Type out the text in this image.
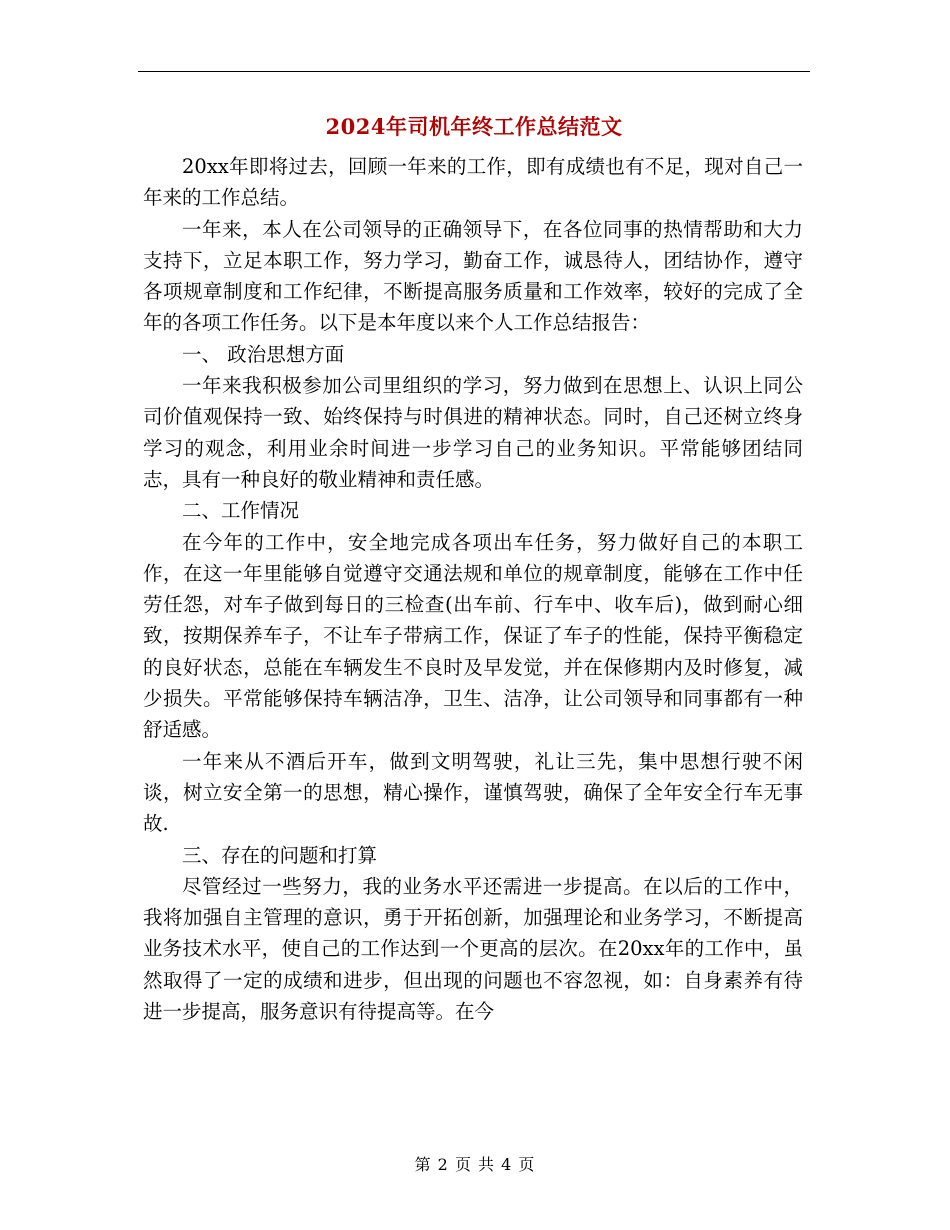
2024年司机年终工作总结范文

20xx年即将过去，回顾一年来的工作，即有成绩也有不足，现对自己一年来的工作总结。

一年来，本人在公司领导的正确领导下，在各位同事的热情帮助和大力支持下，立足本职工作，努力学习，勤奋工作，诚恳待人，团结协作，遵守各项规章制度和工作纪律，不断提高服务质量和工作效率，较好的完成了全年的各项工作任务。以下是本年度以来个人工作总结报告：

一、 政治思想方面

一年来我积极参加公司里组织的学习，努力做到在思想上、认识上同公司价值观保持一致、始终保持与时俱进的精神状态。同时，自己还树立终身学习的观念，利用业余时间进一步学习自己的业务知识。平常能够团结同志，具有一种良好的敬业精神和责任感。

二、工作情况

在今年的工作中，安全地完成各项出车任务，努力做好自己的本职工作，在这一年里能够自觉遵守交通法规和单位的规章制度，能够在工作中任劳任怨，对车子做到每日的三检查(出车前、行车中、收车后)，做到耐心细致，按期保养车子，不让车子带病工作，保证了车子的性能，保持平衡稳定的良好状态，总能在车辆发生不良时及早发觉，并在保修期内及时修复，减少损失。平常能够保持车辆洁净，卫生、洁净，让公司领导和同事都有一种舒适感。

一年来从不酒后开车，做到文明驾驶，礼让三先，集中思想行驶不闲谈，树立安全第一的思想，精心操作，谨慎驾驶，确保了全年安全行车无事故.

三、存在的问题和打算

尽管经过一些努力，我的业务水平还需进一步提高。在以后的工作中，我将加强自主管理的意识，勇于开拓创新，加强理论和业务学习，不断提高业务技术水平，使自己的工作达到一个更高的层次。在20xx年的工作中，虽然取得了一定的成绩和进步，但出现的问题也不容忽视，如：自身素养有待进一步提高，服务意识有待提高等。在今

第 2 页 共 4 页
